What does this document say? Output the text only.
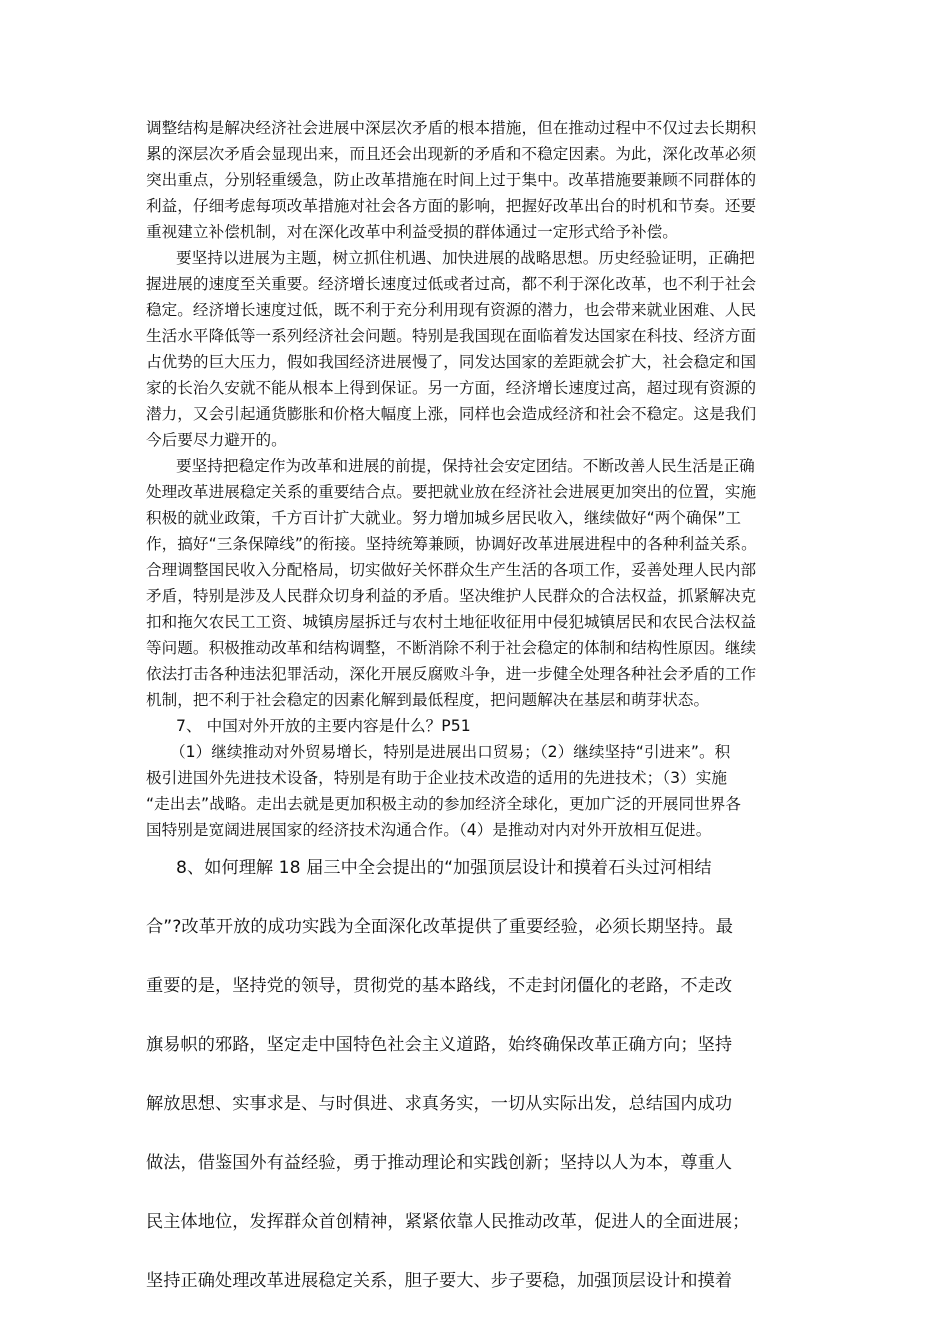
调整结构是解决经济社会进展中深层次矛盾的根本措施，但在推动过程中不仅过去长期积
累的深层次矛盾会显现出来，而且还会出现新的矛盾和不稳定因素。为此，深化改革必须
突出重点，分别轻重缓急，防止改革措施在时间上过于集中。改革措施要兼顾不同群体的
利益，仔细考虑每项改革措施对社会各方面的影响，把握好改革出台的时机和节奏。还要
重视建立补偿机制，对在深化改革中利益受损的群体通过一定形式给予补偿。
要坚持以进展为主题，树立抓住机遇、加快进展的战略思想。历史经验证明，正确把
握进展的速度至关重要。经济增长速度过低或者过高，都不利于深化改革，也不利于社会
稳定。经济增长速度过低，既不利于充分利用现有资源的潜力，也会带来就业困难、人民
生活水平降低等一系列经济社会问题。特别是我国现在面临着发达国家在科技、经济方面
占优势的巨大压力，假如我国经济进展慢了，同发达国家的差距就会扩大，社会稳定和国
家的长治久安就不能从根本上得到保证。另一方面，经济增长速度过高，超过现有资源的
潜力，又会引起通货膨胀和价格大幅度上涨，同样也会造成经济和社会不稳定。这是我们
今后要尽力避开的。
要坚持把稳定作为改革和进展的前提，保持社会安定团结。不断改善人民生活是正确
处理改革进展稳定关系的重要结合点。要把就业放在经济社会进展更加突出的位置，实施
积极的就业政策，千方百计扩大就业。努力增加城乡居民收入，继续做好“两个确保”工
作，搞好“三条保障线”的衔接。坚持统筹兼顾，协调好改革进展进程中的各种利益关系。
合理调整国民收入分配格局，切实做好关怀群众生产生活的各项工作，妥善处理人民内部
矛盾，特别是涉及人民群众切身利益的矛盾。坚决维护人民群众的合法权益，抓紧解决克
扣和拖欠农民工工资、城镇房屋拆迁与农村土地征收征用中侵犯城镇居民和农民合法权益
等问题。积极推动改革和结构调整，不断消除不利于社会稳定的体制和结构性原因。继续
依法打击各种违法犯罪活动，深化开展反腐败斗争，进一步健全处理各种社会矛盾的工作
机制，把不利于社会稳定的因素化解到最低程度，把问题解决在基层和萌芽状态。
7、 中国对外开放的主要内容是什么？P51
（1）继续推动对外贸易增长，特别是进展出口贸易；（2）继续坚持“引进来”。积
极引进国外先进技术设备，特别是有助于企业技术改造的适用的先进技术；（3）实施
“走出去”战略。走出去就是更加积极主动的参加经济全球化，更加广泛的开展同世界各
国特别是宽阔进展国家的经济技术沟通合作。（4）是推动对内对外开放相互促进。
8、如何理解 18 届三中全会提出的“加强顶层设计和摸着石头过河相结
合”?改革开放的成功实践为全面深化改革提供了重要经验，必须长期坚持。最
重要的是，坚持党的领导，贯彻党的基本路线，不走封闭僵化的老路，不走改
旗易帜的邪路，坚定走中国特色社会主义道路，始终确保改革正确方向；坚持
解放思想、实事求是、与时俱进、求真务实，一切从实际出发，总结国内成功
做法，借鉴国外有益经验，勇于推动理论和实践创新；坚持以人为本，尊重人
民主体地位，发挥群众首创精神，紧紧依靠人民推动改革，促进人的全面进展；
坚持正确处理改革进展稳定关系，胆子要大、步子要稳，加强顶层设计和摸着
